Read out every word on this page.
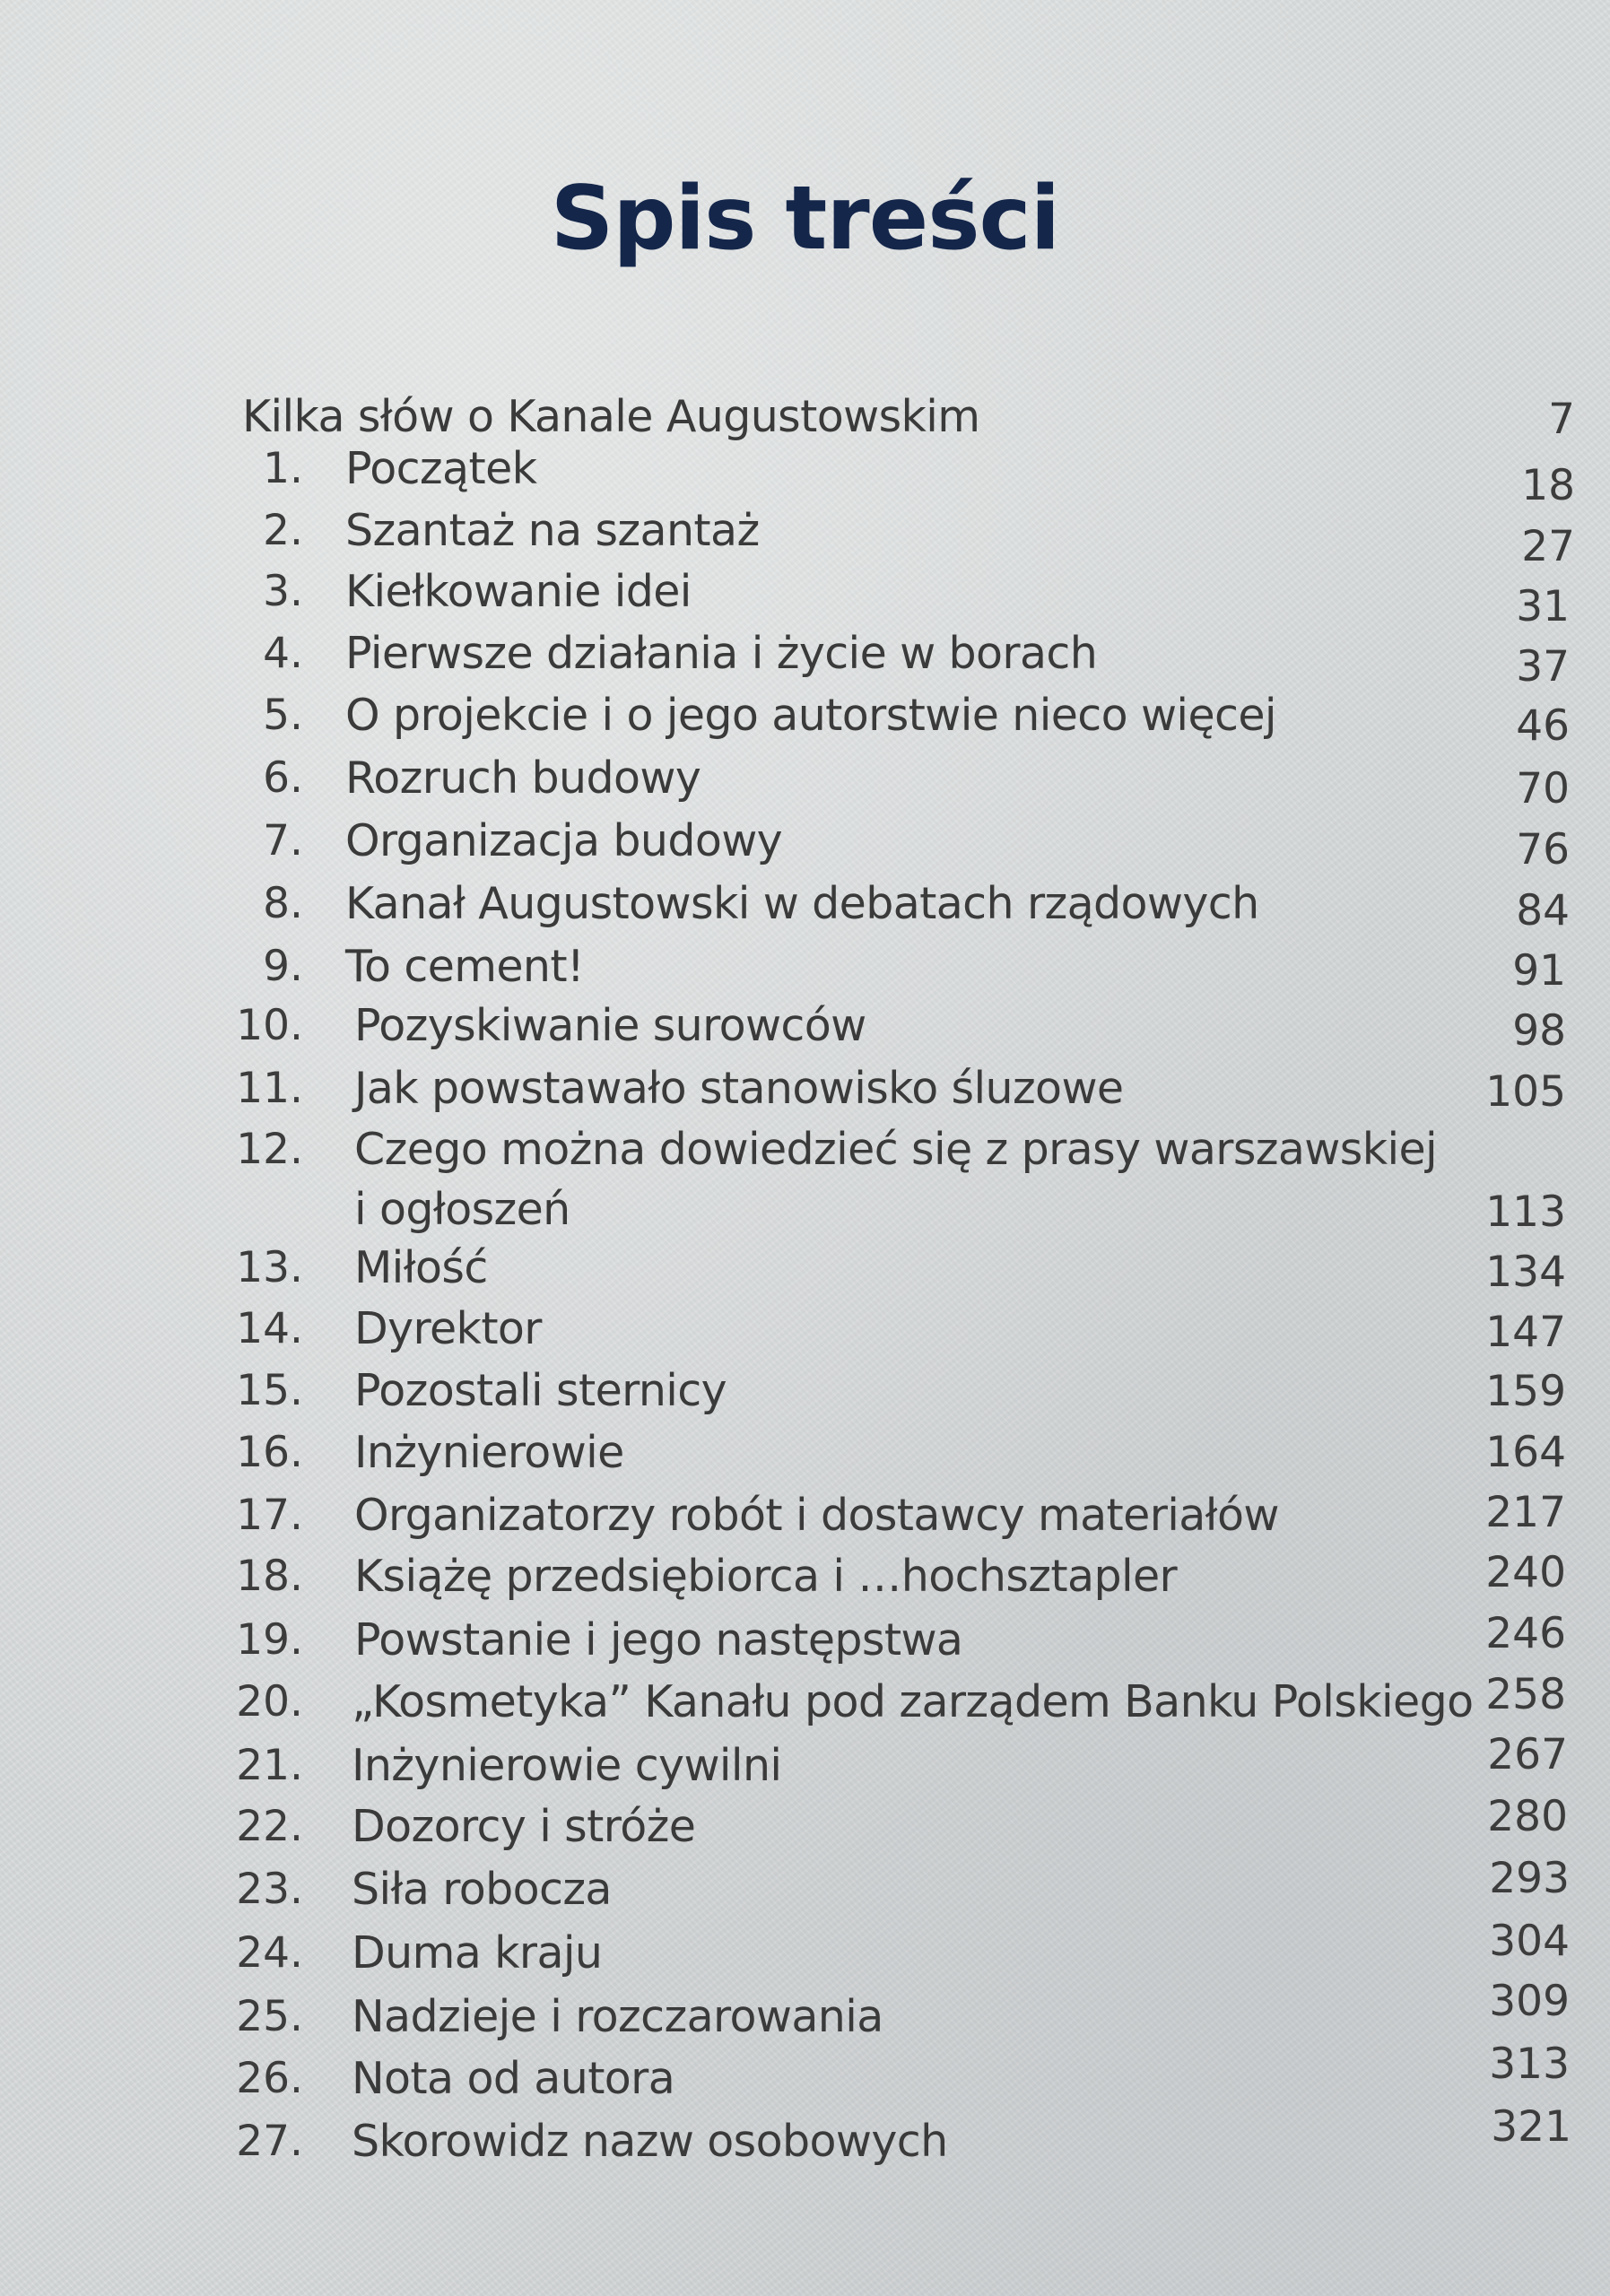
Spis treści
Kilka słów o Kanale Augustowskim	7
1. Początek	18
2. Szantaż na szantaż	27
3. Kiełkowanie idei	31
4. Pierwsze działania i życie w borach	37
5. O projekcie i o jego autorstwie nieco więcej	46
6. Rozruch budowy	70
7. Organizacja budowy	76
8. Kanał Augustowski w debatach rządowych	84
9. To cement!	91
10. Pozyskiwanie surowców	98
11. Jak powstawało stanowisko śluzowe	105
12. Czego można dowiedzieć się z prasy warszawskiej
i ogłoszeń	113
13. Miłość	134
14. Dyrektor	147
15. Pozostali sternicy	159
16. Inżynierowie	164
17. Organizatorzy robót i dostawcy materiałów	217
18. Książę przedsiębiorca i …hochsztapler	240
19. Powstanie i jego następstwa	246
20. „Kosmetyka” Kanału pod zarządem Banku Polskiego 258
21. Inżynierowie cywilni	267
22. Dozorcy i stróże	280
23. Siła robocza	293
24. Duma kraju	304
25. Nadzieje i rozczarowania	309
26. Nota od autora	313
27. Skorowidz nazw osobowych	321
